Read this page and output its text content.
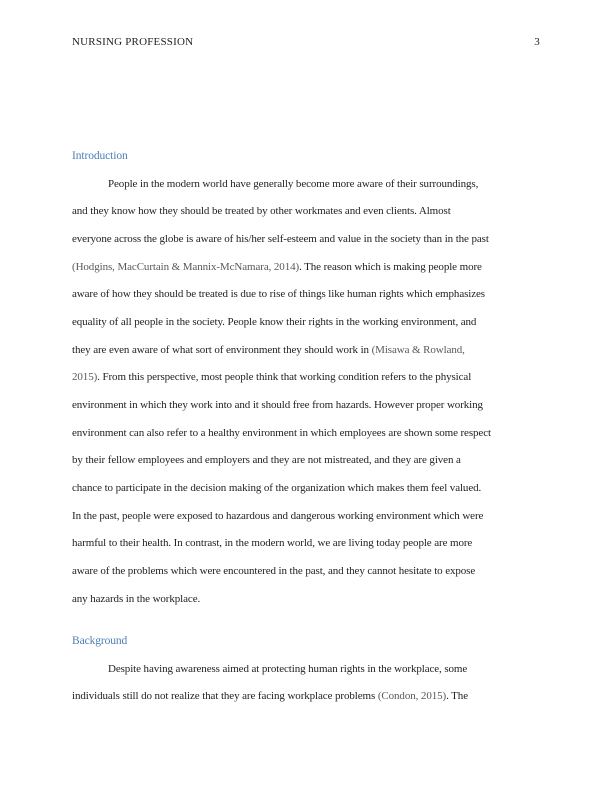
NURSING PROFESSION	3
Introduction
People in the modern world have generally become more aware of their surroundings,
and they know how they should be treated by other workmates and even clients. Almost
everyone across the globe is aware of his/her self-esteem and value in the society than in the past
(Hodgins, MacCurtain & Mannix-McNamara, 2014). The reason which is making people more
aware of how they should be treated is due to rise of things like human rights which emphasizes
equality of all people in the society. People know their rights in the working environment, and
they are even aware of what sort of environment they should work in (Misawa & Rowland,
2015). From this perspective, most people think that working condition refers to the physical
environment in which they work into and it should free from hazards. However proper working
environment can also refer to a healthy environment in which employees are shown some respect
by their fellow employees and employers and they are not mistreated, and they are given a
chance to participate in the decision making of the organization which makes them feel valued.
In the past, people were exposed to hazardous and dangerous working environment which were
harmful to their health. In contrast, in the modern world, we are living today people are more
aware of the problems which were encountered in the past, and they cannot hesitate to expose
any hazards in the workplace.
Background
Despite having awareness aimed at protecting human rights in the workplace, some
individuals still do not realize that they are facing workplace problems (Condon, 2015). The
